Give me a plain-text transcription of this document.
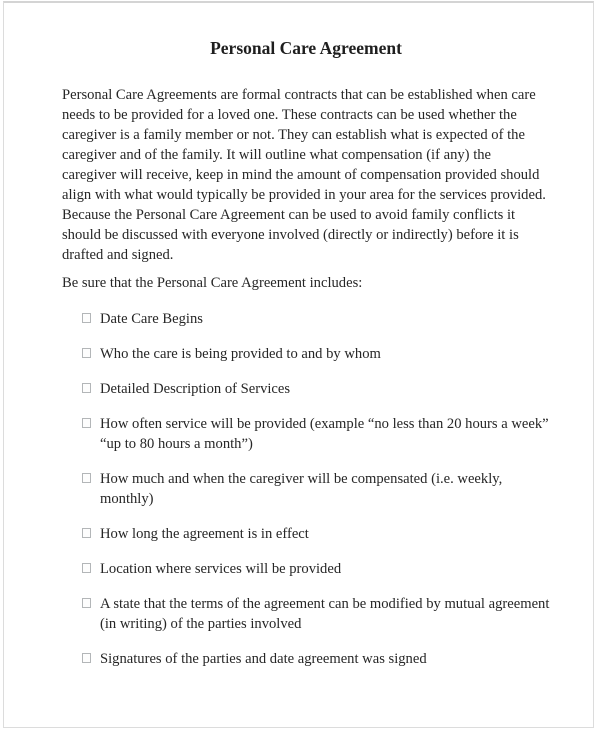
Personal Care Agreement
Personal Care Agreements are formal contracts that can be established when care
needs to be provided for a loved one. These contracts can be used whether the
caregiver is a family member or not. They can establish what is expected of the
caregiver and of the family. It will outline what compensation (if any) the
caregiver will receive, keep in mind the amount of compensation provided should
align with what would typically be provided in your area for the services provided.
Because the Personal Care Agreement can be used to avoid family conflicts it
should be discussed with everyone involved (directly or indirectly) before it is
drafted and signed.
Be sure that the Personal Care Agreement includes:
Date Care Begins
Who the care is being provided to and by whom
Detailed Description of Services
How often service will be provided (example “no less than 20 hours a week”
“up to 80 hours a month”)
How much and when the caregiver will be compensated (i.e. weekly,
monthly)
How long the agreement is in effect
Location where services will be provided
A state that the terms of the agreement can be modified by mutual agreement
(in writing) of the parties involved
Signatures of the parties and date agreement was signed
